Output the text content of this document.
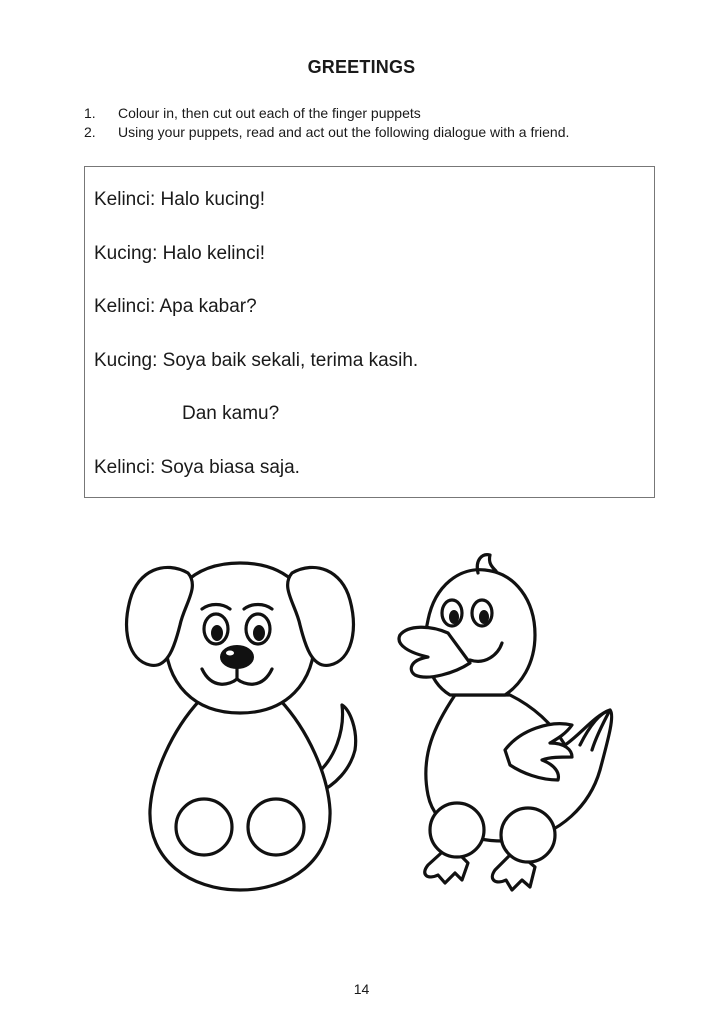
GREETINGS
1.	Colour in, then cut out each of the finger puppets
2.	Using your puppets, read and act out the following dialogue with a friend.
Kelinci: Halo kucing!
Kucing: Halo kelinci!
Kelinci: Apa kabar?
Kucing: Soya baik sekali, terima kasih.
Dan kamu?
Kelinci: Soya biasa saja.
14
